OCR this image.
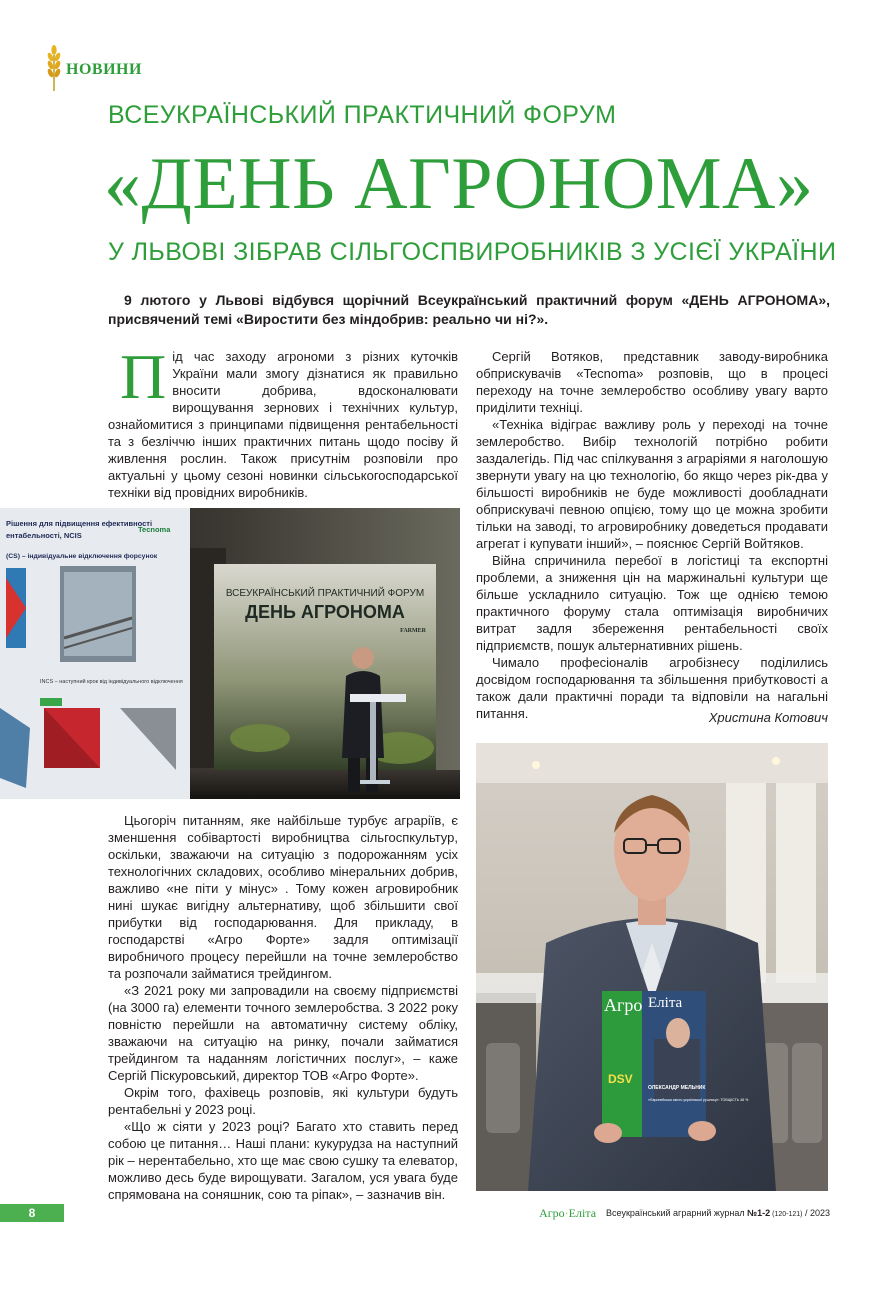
НОВИНИ
ВСЕУКРАЇНСЬКИЙ ПРАКТИЧНИЙ ФОРУМ
«ДЕНЬ АГРОНОМА»
У ЛЬВОВІ ЗІБРАВ СІЛЬГОСПВИРОБНИКІВ З УСІЄЇ УКРАЇНИ
9 лютого у Львові відбувся щорічний Всеукраїнський практичний форум «ДЕНЬ АГРОНОМА», присвячений темі «Виростити без міндобрив: реально чи ні?».

Під час заходу агрономи з різних куточків України мали змогу дізнатися як правильно вносити добрива, вдосконалювати вирощування зернових і технічних культур, ознайомитися з принципами підвищення рентабельності та з безліччю інших практичних питань щодо посіву й живлення рослин. Також присутнім розповіли про актуальні у цьому сезоні новинки сільськогосподарської техніки від провідних виробників.

Рішення для підвищення ефективності
ентабельності, NCIS
Tecnoma
(CS) – індивідуальне відключення форсунок
INCS – наступний крок від індивідуального відключення
ВСЕУКРАЇНСЬКИЙ ПРАКТИЧНИЙ ФОРУМ
ДЕНЬ АГРОНОМА
FARMER

Цьогоріч питанням, яке найбільше турбує аграріїв, є зменшення собівартості виробництва сільгоспкультур, оскільки, зважаючи на ситуацію з подорожанням усіх технологічних складових, особливо мінеральних добрив, важливо «не піти у мінус» . Тому кожен агровиробник нині шукає вигідну альтернативу, щоб збільшити свої прибутки від господарювання. Для прикладу, в господарстві «Агро Форте» задля оптимізації виробничого процесу перейшли на точне землеробство та розпочали займатися трейдингом.

«З 2021 року ми запровадили на своєму підприємстві (на 3000 га) елементи точного землеробства. З 2022 року повністю перейшли на автоматичну систему обліку, зважаючи на ситуацію на ринку, почали займатися трейдингом та наданням логістичних послуг», – каже Сергій Піскуровський, директор ТОВ «Агро Форте».

Окрім того, фахівець розповів, які культури будуть рентабельні у 2023 році.

«Що ж сіяти у 2023 році? Багато хто ставить перед собою це питання… Наші плани: кукурудза на наступний рік – нерентабельно, хто ще має свою сушку та елеватор, можливо десь буде вирощувати. Загалом, уся увага буде спрямована на соняшник, сою та ріпак», – зазначив він.

Сергій Вотяков, представник заводу-виробника обприскувачів «Tecnoma» розповів, що в процесі переходу на точне землеробство особливу увагу варто приділити техніці.

«Техніка відіграє важливу роль у переході на точне землеробство. Вибір технологій потрібно робити заздалегідь. Під час спілкування з аграріями я наголошую звернути увагу на цю технологію, бо якщо через рік-два у більшості виробників не буде можливості дообладнати обприскувачі певною опцією, тому що це можна зробити тільки на заводі, то агровиробнику доведеться продавати агрегат і купувати інший», – пояснює Сергій Войтяков.

Війна спричинила перебої в логістиці та експортні проблеми, а зниження цін на маржинальні культури ще більше ускладнило ситуацію. Тож ще однією темою практичного форуму стала оптимізація виробничих витрат задля збереження рентабельності своїх підприємств, пошук альтернативних рішень.

Чимало професіоналів агробізнесу поділились досвідом господарювання та збільшення прибутковості а також дали практичні поради та відповіли на нагальні питання.	Христина Котович
Агро Еліта
ОЛЕКСАНДР МЕЛЬНИК
DSV
«Європейська якість української рушниці»: ТОВЩІСТЬ 48 %
8	Агро·Еліта Всеукраїнський аграрний журнал №1-2 (120-121) / 2023
